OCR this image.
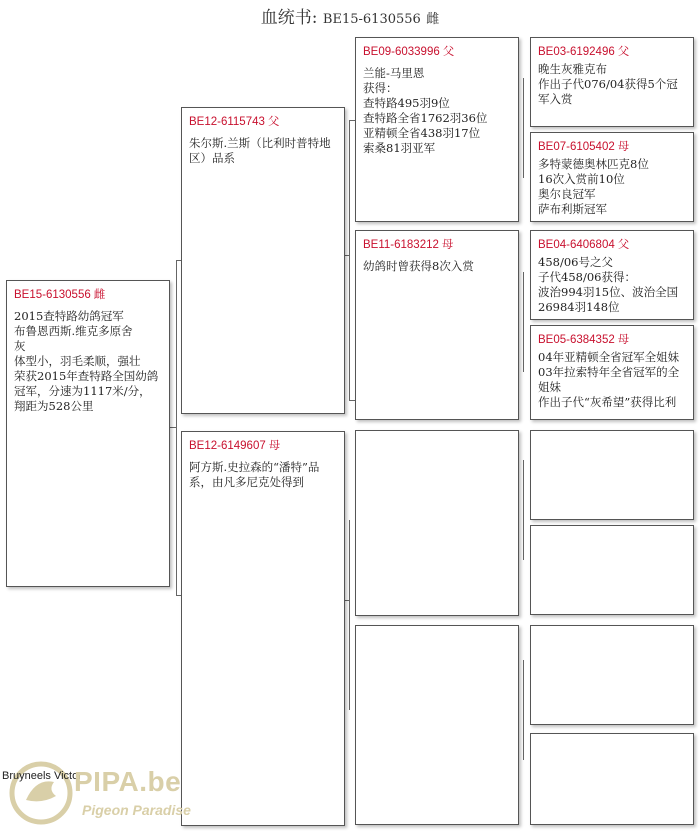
血统书: BE15-6130556 雌
BE15-6130556 雌
2015查特路幼鸽冠军
布鲁恩西斯.维克多原舍
灰
体型小，羽毛柔顺，强壮
荣获2015年查特路全国幼鸽冠军，分速为1117米/分，翔距为528公里
BE12-6115743 父
朱尔斯.兰斯（比利时普特地区）品系
BE12-6149607 母
阿方斯.史拉森的“潘特”品系，由凡多尼克处得到
BE09-6033996 父
兰能-马里恩
获得：
查特路495羽9位
查特路全省1762羽36位
亚精顿全省438羽17位
索桑81羽亚军
BE11-6183212 母
幼鸽时曾获得8次入赏
BE03-6192496 父
晚生灰雅克布
作出子代076/04获得5个冠军入赏
BE07-6105402 母
多特蒙德奥林匹克8位
16次入赏前10位
奥尔良冠军
萨布利斯冠军
BE04-6406804 父
458/06号之父
子代458/06获得：
波治994羽15位、波治全国26984羽148位
BE05-6384352 母
04年亚精顿全省冠军全姐妹
03年拉索特年全省冠军的全姐妹
作出子代“灰希望”获得比利
Bruyneels Victor
PIPA.be
Pigeon Paradise
